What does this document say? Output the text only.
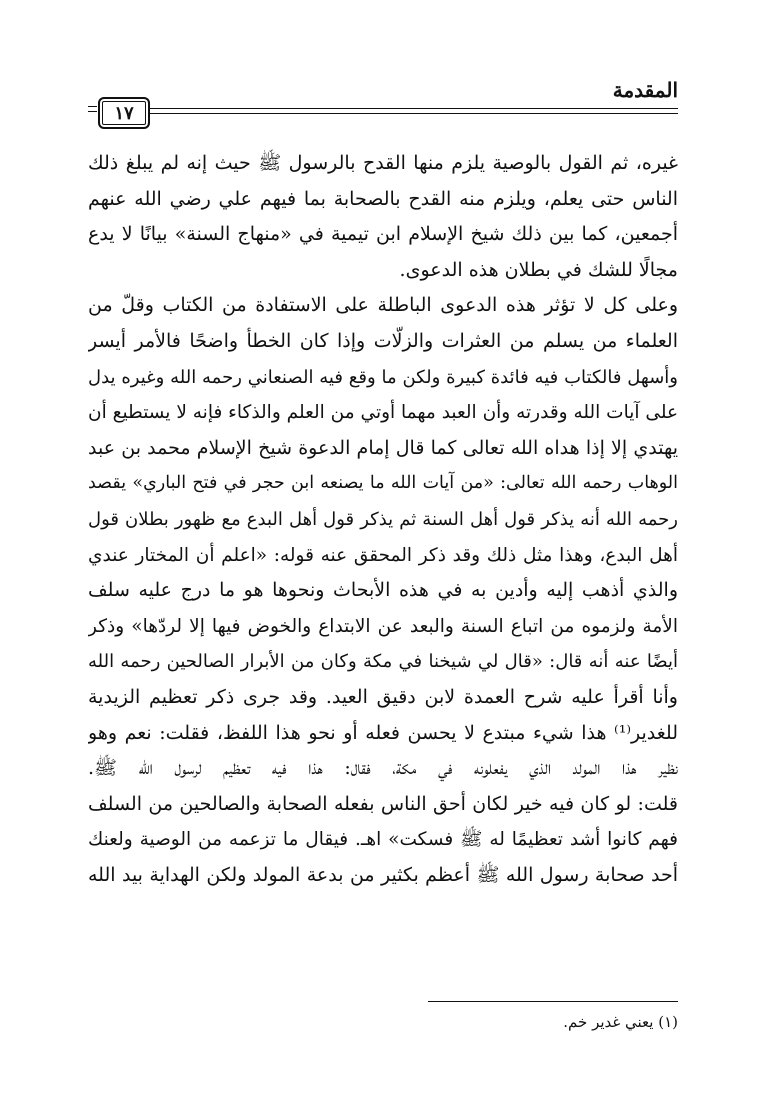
المقدمة
١٧
غيره، ثم القول بالوصية يلزم منها القدح بالرسول ﷺ حيث إنه لم يبلغ ذلك
الناس حتى يعلم، ويلزم منه القدح بالصحابة بما فيهم علي رضي الله عنهم
أجمعين، كما بين ذلك شيخ الإسلام ابن تيمية في «منهاج السنة» بيانًا لا يدع
مجالًا للشك في بطلان هذه الدعوى.
وعلى كل لا تؤثر هذه الدعوى الباطلة على الاستفادة من الكتاب وقلّ من
العلماء من يسلم من العثرات والزلّات وإذا كان الخطأ واضحًا فالأمر أيسر
وأسهل فالكتاب فيه فائدة كبيرة ولكن ما وقع فيه الصنعاني رحمه الله وغيره يدل
على آيات الله وقدرته وأن العبد مهما أوتي من العلم والذكاء فإنه لا يستطيع أن
يهتدي إلا إذا هداه الله تعالى كما قال إمام الدعوة شيخ الإسلام محمد بن عبد
الوهاب رحمه الله تعالى: «من آيات الله ما يصنعه ابن حجر في فتح الباري» يقصد
رحمه الله أنه يذكر قول أهل السنة ثم يذكر قول أهل البدع مع ظهور بطلان قول
أهل البدع، وهذا مثل ذلك وقد ذكر المحقق عنه قوله: «اعلم أن المختار عندي
والذي أذهب إليه وأدين به في هذه الأبحاث ونحوها هو ما درج عليه سلف
الأمة ولزموه من اتباع السنة والبعد عن الابتداع والخوض فيها إلا لردّها» وذكر
أيضًا عنه أنه قال: «قال لي شيخنا في مكة وكان من الأبرار الصالحين رحمه الله
وأنا أقرأ عليه شرح العمدة لابن دقيق العيد. وقد جرى ذكر تعظيم الزيدية
للغدير⁽¹⁾ هذا شيء مبتدع لا يحسن فعله أو نحو هذا اللفظ، فقلت: نعم وهو
نظير هذا المولد الذي يفعلونه في مكة، فقال: هذا فيه تعظيم لرسول الله ﷺ.
قلت: لو كان فيه خير لكان أحق الناس بفعله الصحابة والصالحين من السلف
فهم كانوا أشد تعظيمًا له ﷺ فسكت» اهـ. فيقال ما تزعمه من الوصية ولعنك
أحد صحابة رسول الله ﷺ أعظم بكثير من بدعة المولد ولكن الهداية بيد الله
(١) يعني غدير خم.
